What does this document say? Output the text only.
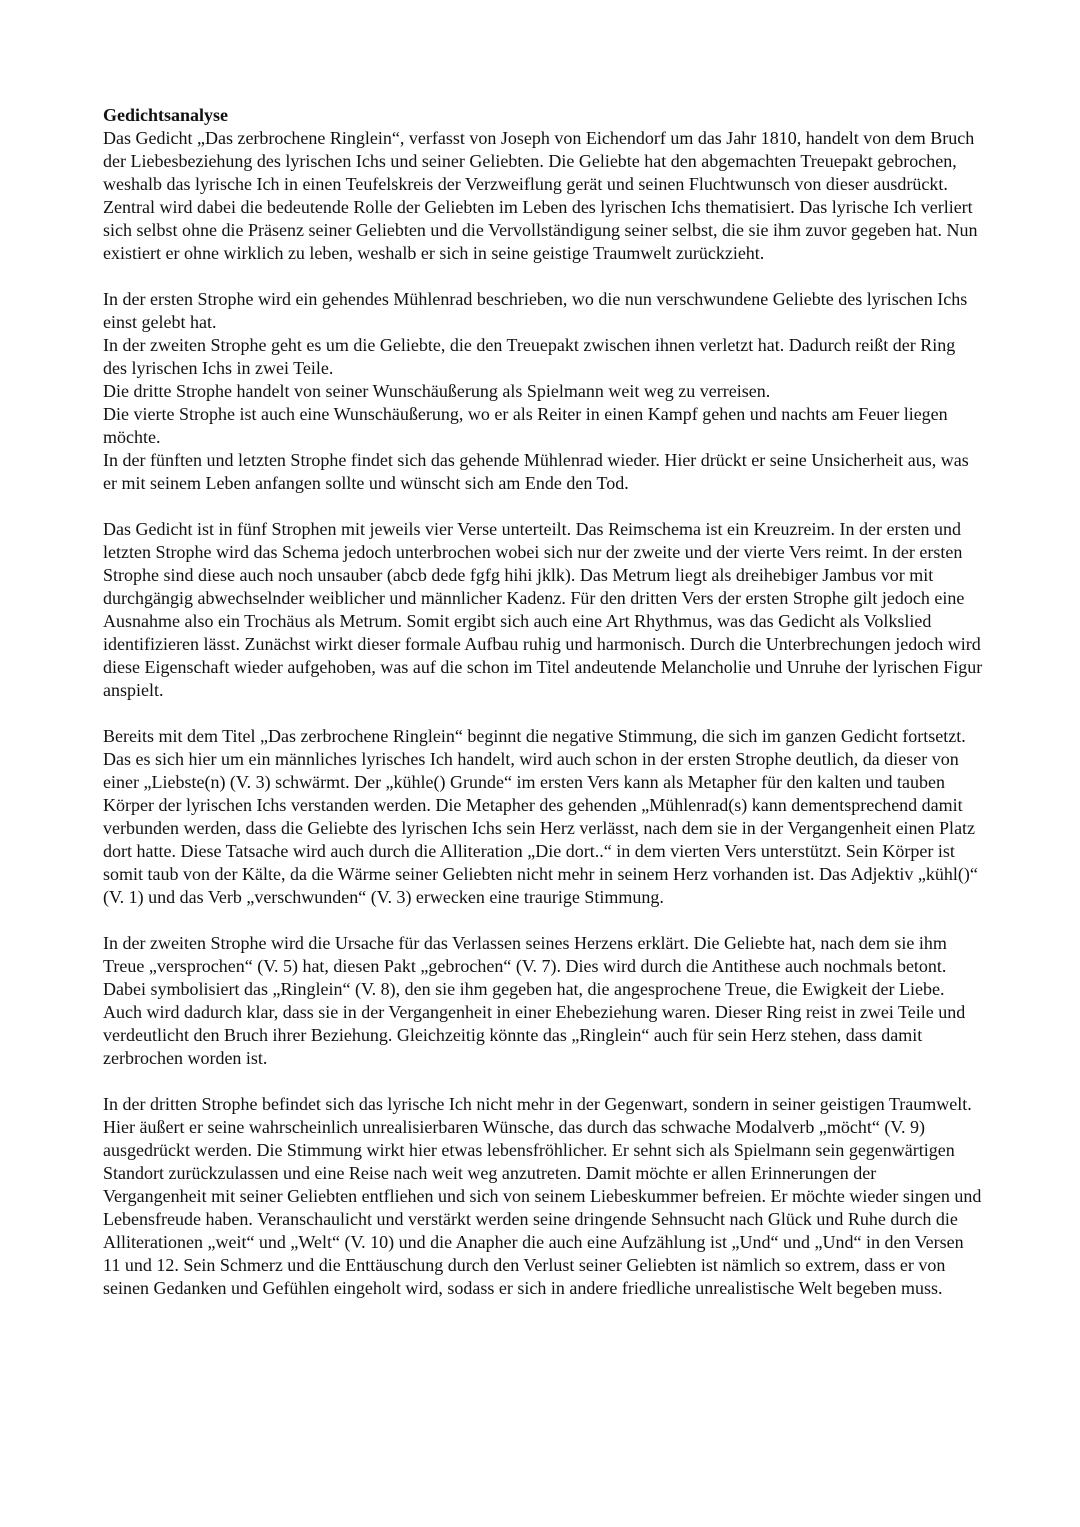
Gedichtsanalyse

Das Gedicht „Das zerbrochene Ringlein“, verfasst von Joseph von Eichendorf um das Jahr 1810, handelt von dem Bruch der Liebesbeziehung des lyrischen Ichs und seiner Geliebten. Die Geliebte hat den abgemachten Treuepakt gebrochen, weshalb das lyrische Ich in einen Teufelskreis der Verzweiflung gerät und seinen Fluchtwunsch von dieser ausdrückt.

Zentral wird dabei die bedeutende Rolle der Geliebten im Leben des lyrischen Ichs thematisiert. Das lyrische Ich verliert sich selbst ohne die Präsenz seiner Geliebten und die Vervollständigung seiner selbst, die sie ihm zuvor gegeben hat. Nun existiert er ohne wirklich zu leben, weshalb er sich in seine geistige Traumwelt zurückzieht.

In der ersten Strophe wird ein gehendes Mühlenrad beschrieben, wo die nun verschwundene Geliebte des lyrischen Ichs einst gelebt hat.

In der zweiten Strophe geht es um die Geliebte, die den Treuepakt zwischen ihnen verletzt hat. Dadurch reißt der Ring des lyrischen Ichs in zwei Teile.

Die dritte Strophe handelt von seiner Wunschäußerung als Spielmann weit weg zu verreisen.

Die vierte Strophe ist auch eine Wunschäußerung, wo er als Reiter in einen Kampf gehen und nachts am Feuer liegen möchte.

In der fünften und letzten Strophe findet sich das gehende Mühlenrad wieder. Hier drückt er seine Unsicherheit aus, was er mit seinem Leben anfangen sollte und wünscht sich am Ende den Tod.

Das Gedicht ist in fünf Strophen mit jeweils vier Verse unterteilt. Das Reimschema ist ein Kreuzreim. In der ersten und letzten Strophe wird das Schema jedoch unterbrochen wobei sich nur der zweite und der vierte Vers reimt. In der ersten Strophe sind diese auch noch unsauber (abcb dede fgfg hihi jklk). Das Metrum liegt als dreihebiger Jambus vor mit durchgängig abwechselnder weiblicher und männlicher Kadenz. Für den dritten Vers der ersten Strophe gilt jedoch eine Ausnahme also ein Trochäus als Metrum. Somit ergibt sich auch eine Art Rhythmus, was das Gedicht als Volkslied identifizieren lässt. Zunächst wirkt dieser formale Aufbau ruhig und harmonisch. Durch die Unterbrechungen jedoch wird diese Eigenschaft wieder aufgehoben, was auf die schon im Titel andeutende Melancholie und Unruhe der lyrischen Figur anspielt.

Bereits mit dem Titel „Das zerbrochene Ringlein“ beginnt die negative Stimmung, die sich im ganzen Gedicht fortsetzt. Das es sich hier um ein männliches lyrisches Ich handelt, wird auch schon in der ersten Strophe deutlich, da dieser von einer „Liebste(n) (V. 3) schwärmt. Der „kühle() Grunde“ im ersten Vers kann als Metapher für den kalten und tauben Körper der lyrischen Ichs verstanden werden. Die Metapher des gehenden „Mühlenrad(s) kann dementsprechend damit verbunden werden, dass die Geliebte des lyrischen Ichs sein Herz verlässt, nach dem sie in der Vergangenheit einen Platz dort hatte. Diese Tatsache wird auch durch die Alliteration „Die dort..“ in dem vierten Vers unterstützt. Sein Körper ist somit taub von der Kälte, da die Wärme seiner Geliebten nicht mehr in seinem Herz vorhanden ist. Das Adjektiv „kühl()“ (V. 1) und das Verb „verschwunden“ (V. 3) erwecken eine traurige Stimmung.

In der zweiten Strophe wird die Ursache für das Verlassen seines Herzens erklärt. Die Geliebte hat, nach dem sie ihm Treue „versprochen“ (V. 5) hat, diesen Pakt „gebrochen“ (V. 7). Dies wird durch die Antithese auch nochmals betont. Dabei symbolisiert das „Ringlein“ (V. 8), den sie ihm gegeben hat, die angesprochene Treue, die Ewigkeit der Liebe. Auch wird dadurch klar, dass sie in der Vergangenheit in einer Ehebeziehung waren. Dieser Ring reist in zwei Teile und verdeutlicht den Bruch ihrer Beziehung. Gleichzeitig könnte das „Ringlein“ auch für sein Herz stehen, dass damit zerbrochen worden ist.

In der dritten Strophe befindet sich das lyrische Ich nicht mehr in der Gegenwart, sondern in seiner geistigen Traumwelt. Hier äußert er seine wahrscheinlich unrealisierbaren Wünsche, das durch das schwache Modalverb „möcht“ (V. 9) ausgedrückt werden. Die Stimmung wirkt hier etwas lebensfröhlicher. Er sehnt sich als Spielmann sein gegenwärtigen Standort zurückzulassen und eine Reise nach weit weg anzutreten. Damit möchte er allen Erinnerungen der Vergangenheit mit seiner Geliebten entfliehen und sich von seinem Liebeskummer befreien. Er möchte wieder singen und Lebensfreude haben. Veranschaulicht und verstärkt werden seine dringende Sehnsucht nach Glück und Ruhe durch die Alliterationen „weit“ und „Welt“ (V. 10) und die Anapher die auch eine Aufzählung ist „Und“ und „Und“ in den Versen 11 und 12. Sein Schmerz und die Enttäuschung durch den Verlust seiner Geliebten ist nämlich so extrem, dass er von seinen Gedanken und Gefühlen eingeholt wird, sodass er sich in andere friedliche unrealistische Welt begeben muss.
